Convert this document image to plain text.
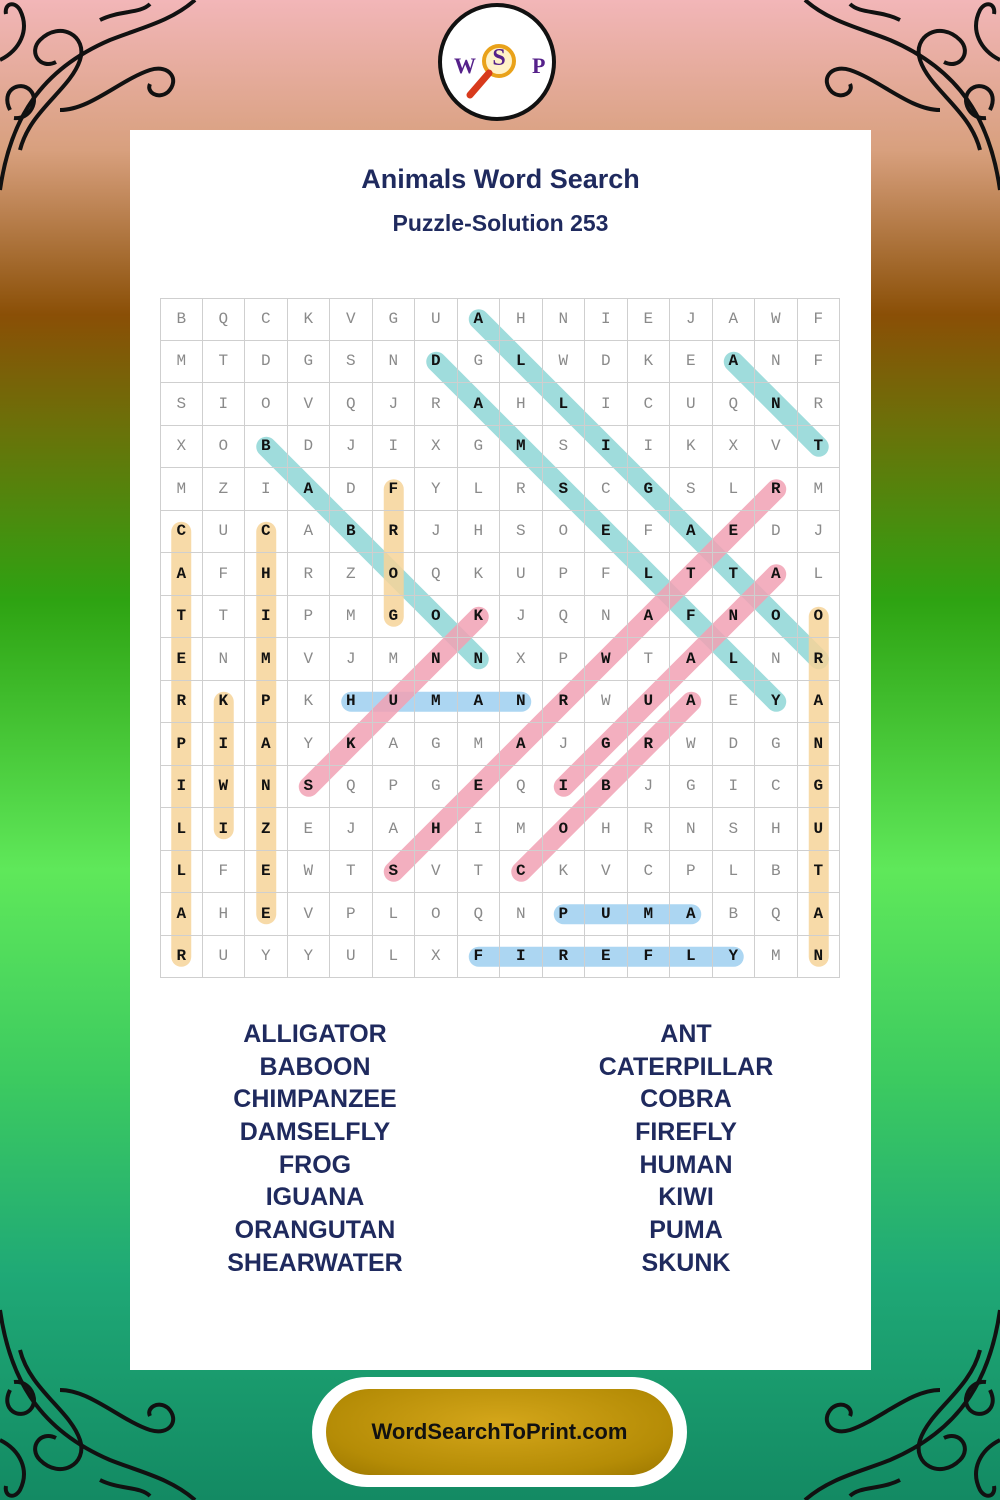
W S P
Animals Word Search
Puzzle-Solution 253
B	Q	C	K	V	G	U	A	H	N	I	E	J	A	W	F
M	T	D	G	S	N	D	G	L	W	D	K	E	A	N	F
S	I	O	V	Q	J	R	A	H	L	I	C	U	Q	N	R
X	O	B	D	J	I	X	G	M	S	I	I	K	X	V	T
M	Z	I	A	D	F	Y	L	R	S	C	G	S	L	R	M
C	U	C	A	B	R	J	H	S	O	E	F	A	E	D	J
A	F	H	R	Z	O	Q	K	U	P	F	L	T	T	A	L
T	T	I	P	M	G	O	K	J	Q	N	A	F	N	O	O
E	N	M	V	J	M	N	N	X	P	W	T	A	L	N	R
R	K	P	K	H	U	M	A	N	R	W	U	A	E	Y	A
P	I	A	Y	K	A	G	M	A	J	G	R	W	D	G	N
I	W	N	S	Q	P	G	E	Q	I	B	J	G	I	C	G
L	I	Z	E	J	A	H	I	M	O	H	R	N	S	H	U
L	F	E	W	T	S	V	T	C	K	V	C	P	L	B	T
A	H	E	V	P	L	O	Q	N	P	U	M	A	B	Q	A
R	U	Y	Y	U	L	X	F	I	R	E	F	L	Y	M	N
ALLIGATOR
BABOON
CHIMPANZEE
DAMSELFLY
FROG
IGUANA
ORANGUTAN
SHEARWATER
ANT
CATERPILLAR
COBRA
FIREFLY
HUMAN
KIWI
PUMA
SKUNK
WordSearchToPrint.com
